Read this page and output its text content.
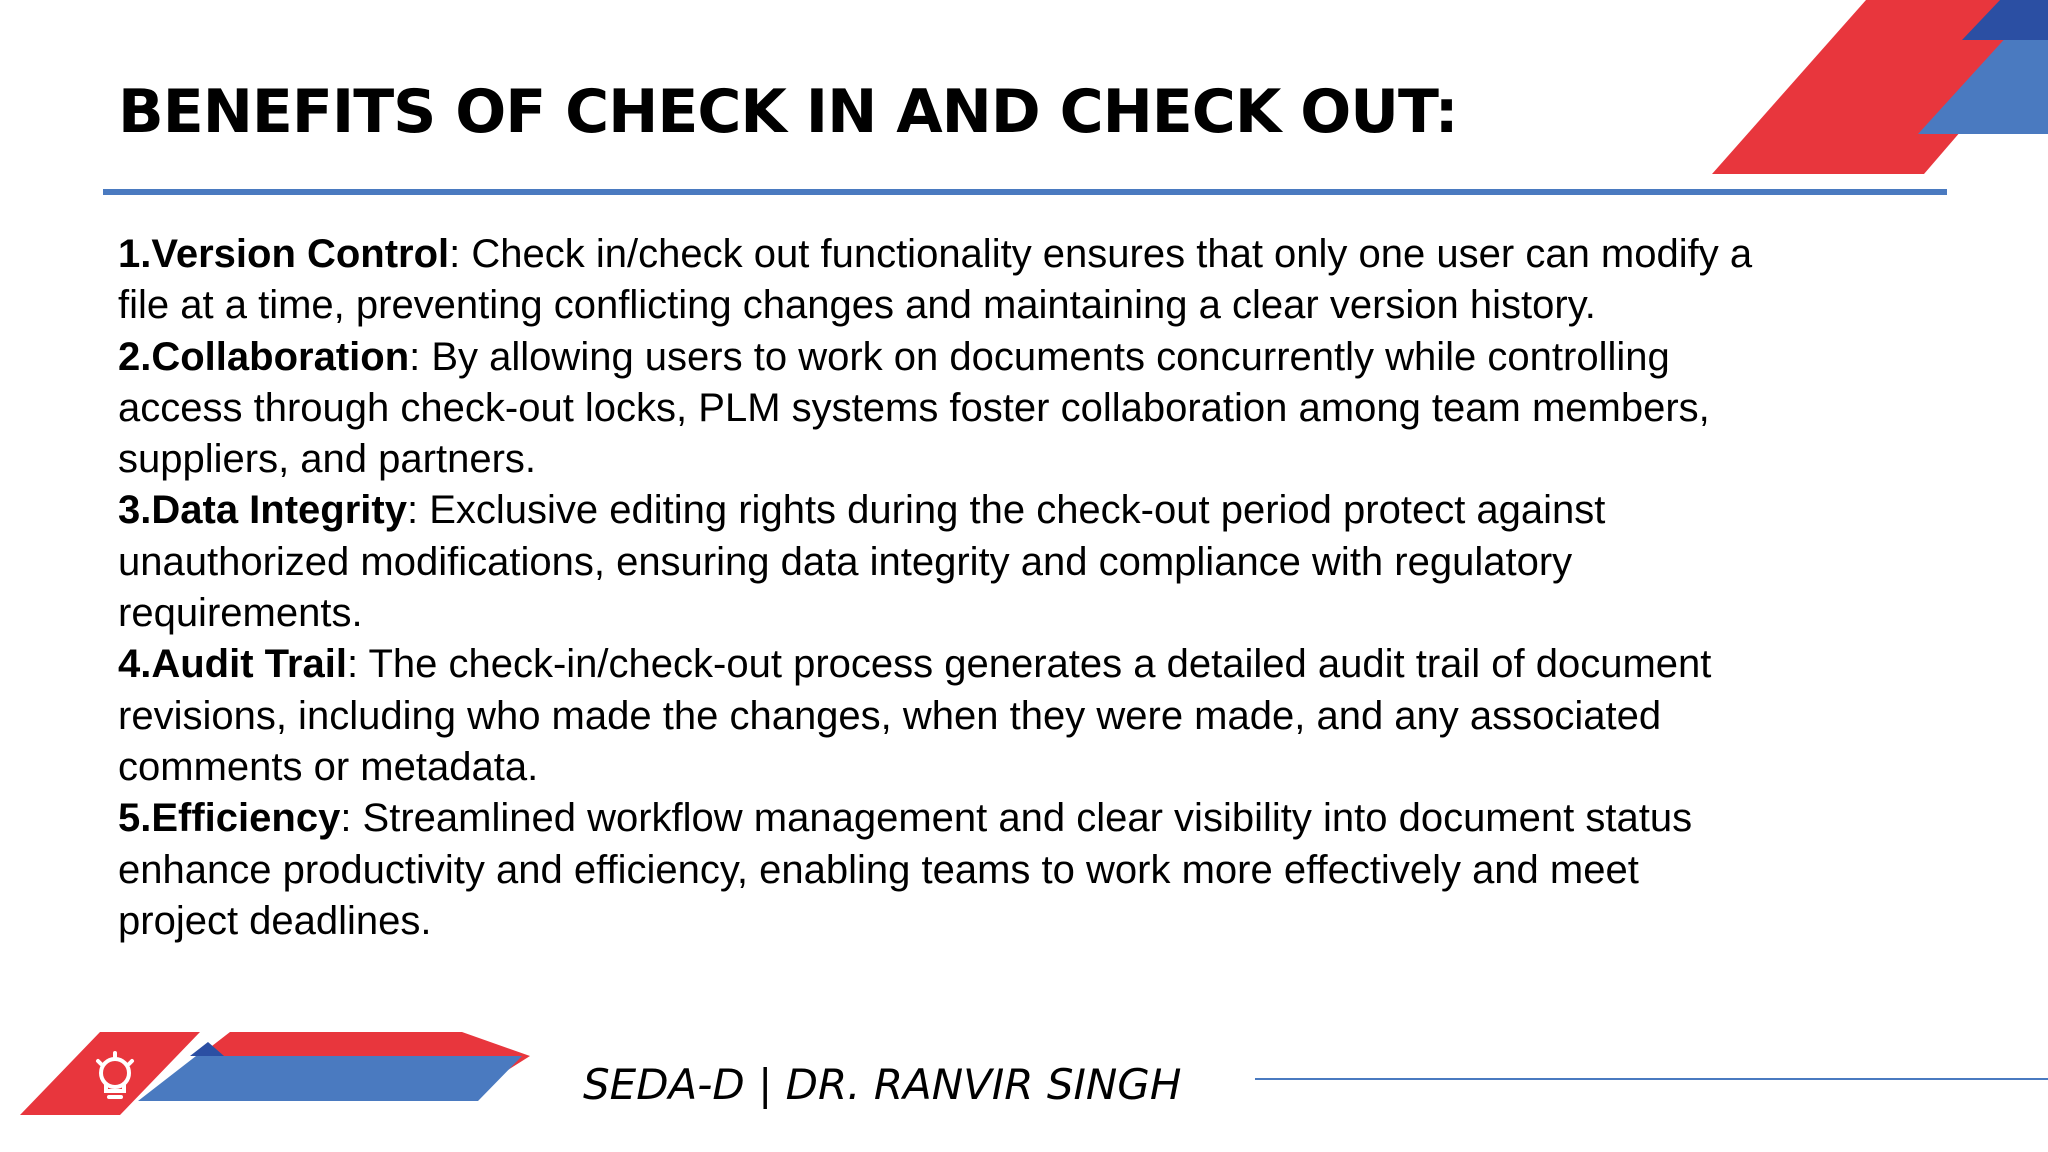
BENEFITS OF CHECK IN AND CHECK OUT:

1.Version Control: Check in/check out functionality ensures that only one user can modify a file at a time, preventing conflicting changes and maintaining a clear version history.

2.Collaboration: By allowing users to work on documents concurrently while controlling access through check-out locks, PLM systems foster collaboration among team members, suppliers, and partners.

3.Data Integrity: Exclusive editing rights during the check-out period protect against unauthorized modifications, ensuring data integrity and compliance with regulatory requirements.

4.Audit Trail: The check-in/check-out process generates a detailed audit trail of document revisions, including who made the changes, when they were made, and any associated comments or metadata.

5.Efficiency: Streamlined workflow management and clear visibility into document status enhance productivity and efficiency, enabling teams to work more effectively and meet project deadlines.

SEDA-D | DR. RANVIR SINGH
